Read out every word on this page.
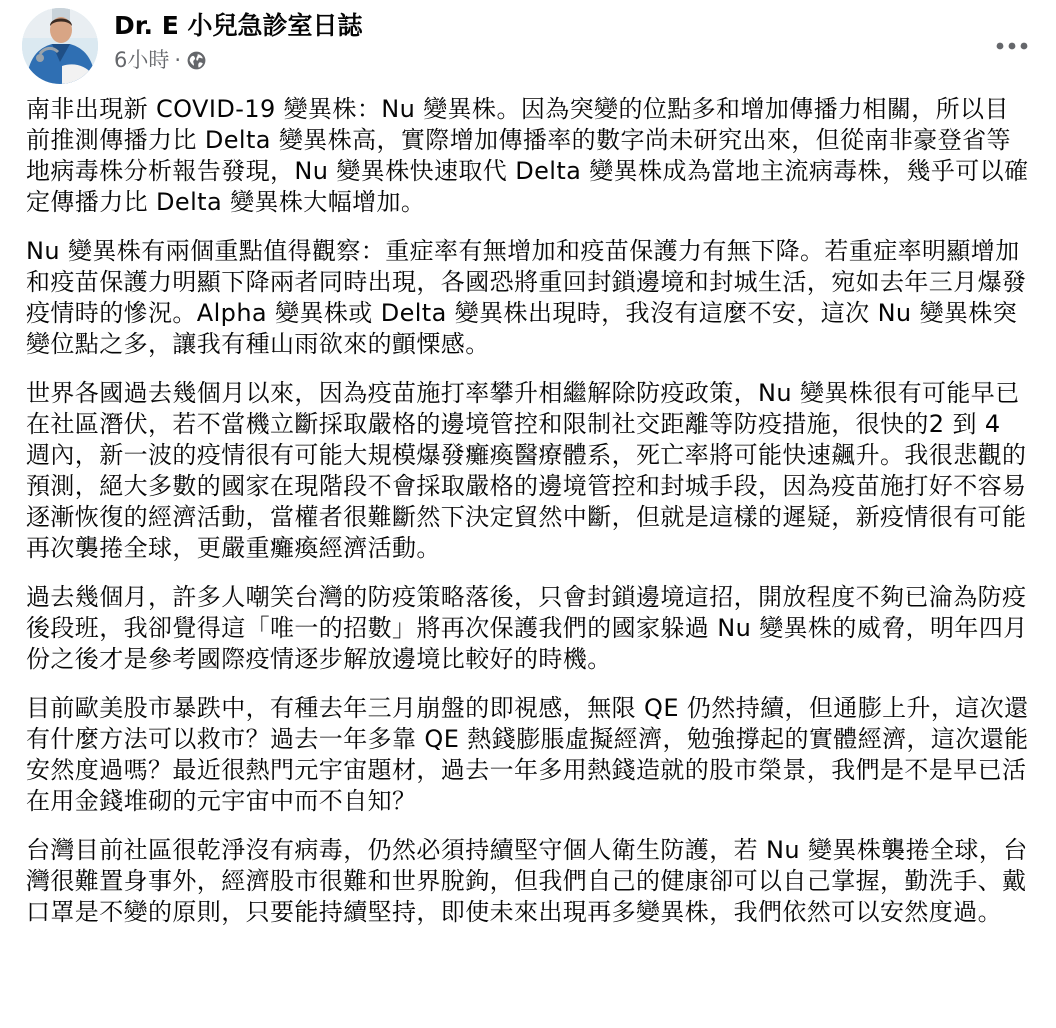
Dr. E 小兒急診室日誌
6小時 ·

南非出現新 COVID-19 變異株：Nu 變異株。因為突變的位點多和增加傳播力相關，所以目前推測傳播力比 Delta 變異株高，實際增加傳播率的數字尚未研究出來，但從南非豪登省等地病毒株分析報告發現，Nu 變異株快速取代 Delta 變異株成為當地主流病毒株，幾乎可以確定傳播力比 Delta 變異株大幅增加。

Nu 變異株有兩個重點值得觀察：重症率有無增加和疫苗保護力有無下降。若重症率明顯增加和疫苗保護力明顯下降兩者同時出現，各國恐將重回封鎖邊境和封城生活，宛如去年三月爆發疫情時的慘況。Alpha 變異株或 Delta 變異株出現時，我沒有這麼不安，這次 Nu 變異株突變位點之多，讓我有種山雨欲來的顫慄感。

世界各國過去幾個月以來，因為疫苗施打率攀升相繼解除防疫政策，Nu 變異株很有可能早已在社區潛伏，若不當機立斷採取嚴格的邊境管控和限制社交距離等防疫措施，很快的2 到 4 週內，新一波的疫情很有可能大規模爆發癱瘓醫療體系，死亡率將可能快速飆升。我很悲觀的預測，絕大多數的國家在現階段不會採取嚴格的邊境管控和封城手段，因為疫苗施打好不容易逐漸恢復的經濟活動，當權者很難斷然下決定貿然中斷，但就是這樣的遲疑，新疫情很有可能再次襲捲全球，更嚴重癱瘓經濟活動。

過去幾個月，許多人嘲笑台灣的防疫策略落後，只會封鎖邊境這招，開放程度不夠已淪為防疫後段班，我卻覺得這「唯一的招數」將再次保護我們的國家躲過 Nu 變異株的威脅，明年四月份之後才是參考國際疫情逐步解放邊境比較好的時機。

目前歐美股市暴跌中，有種去年三月崩盤的即視感，無限 QE 仍然持續，但通膨上升，這次還有什麼方法可以救市？過去一年多靠 QE 熱錢膨脹虛擬經濟，勉強撐起的實體經濟，這次還能安然度過嗎？最近很熱門元宇宙題材，過去一年多用熱錢造就的股市榮景，我們是不是早已活在用金錢堆砌的元宇宙中而不自知？

台灣目前社區很乾淨沒有病毒，仍然必須持續堅守個人衛生防護，若 Nu 變異株襲捲全球，台灣很難置身事外，經濟股市很難和世界脫鉤，但我們自己的健康卻可以自己掌握，勤洗手、戴口罩是不變的原則，只要能持續堅持，即使未來出現再多變異株，我們依然可以安然度過。
